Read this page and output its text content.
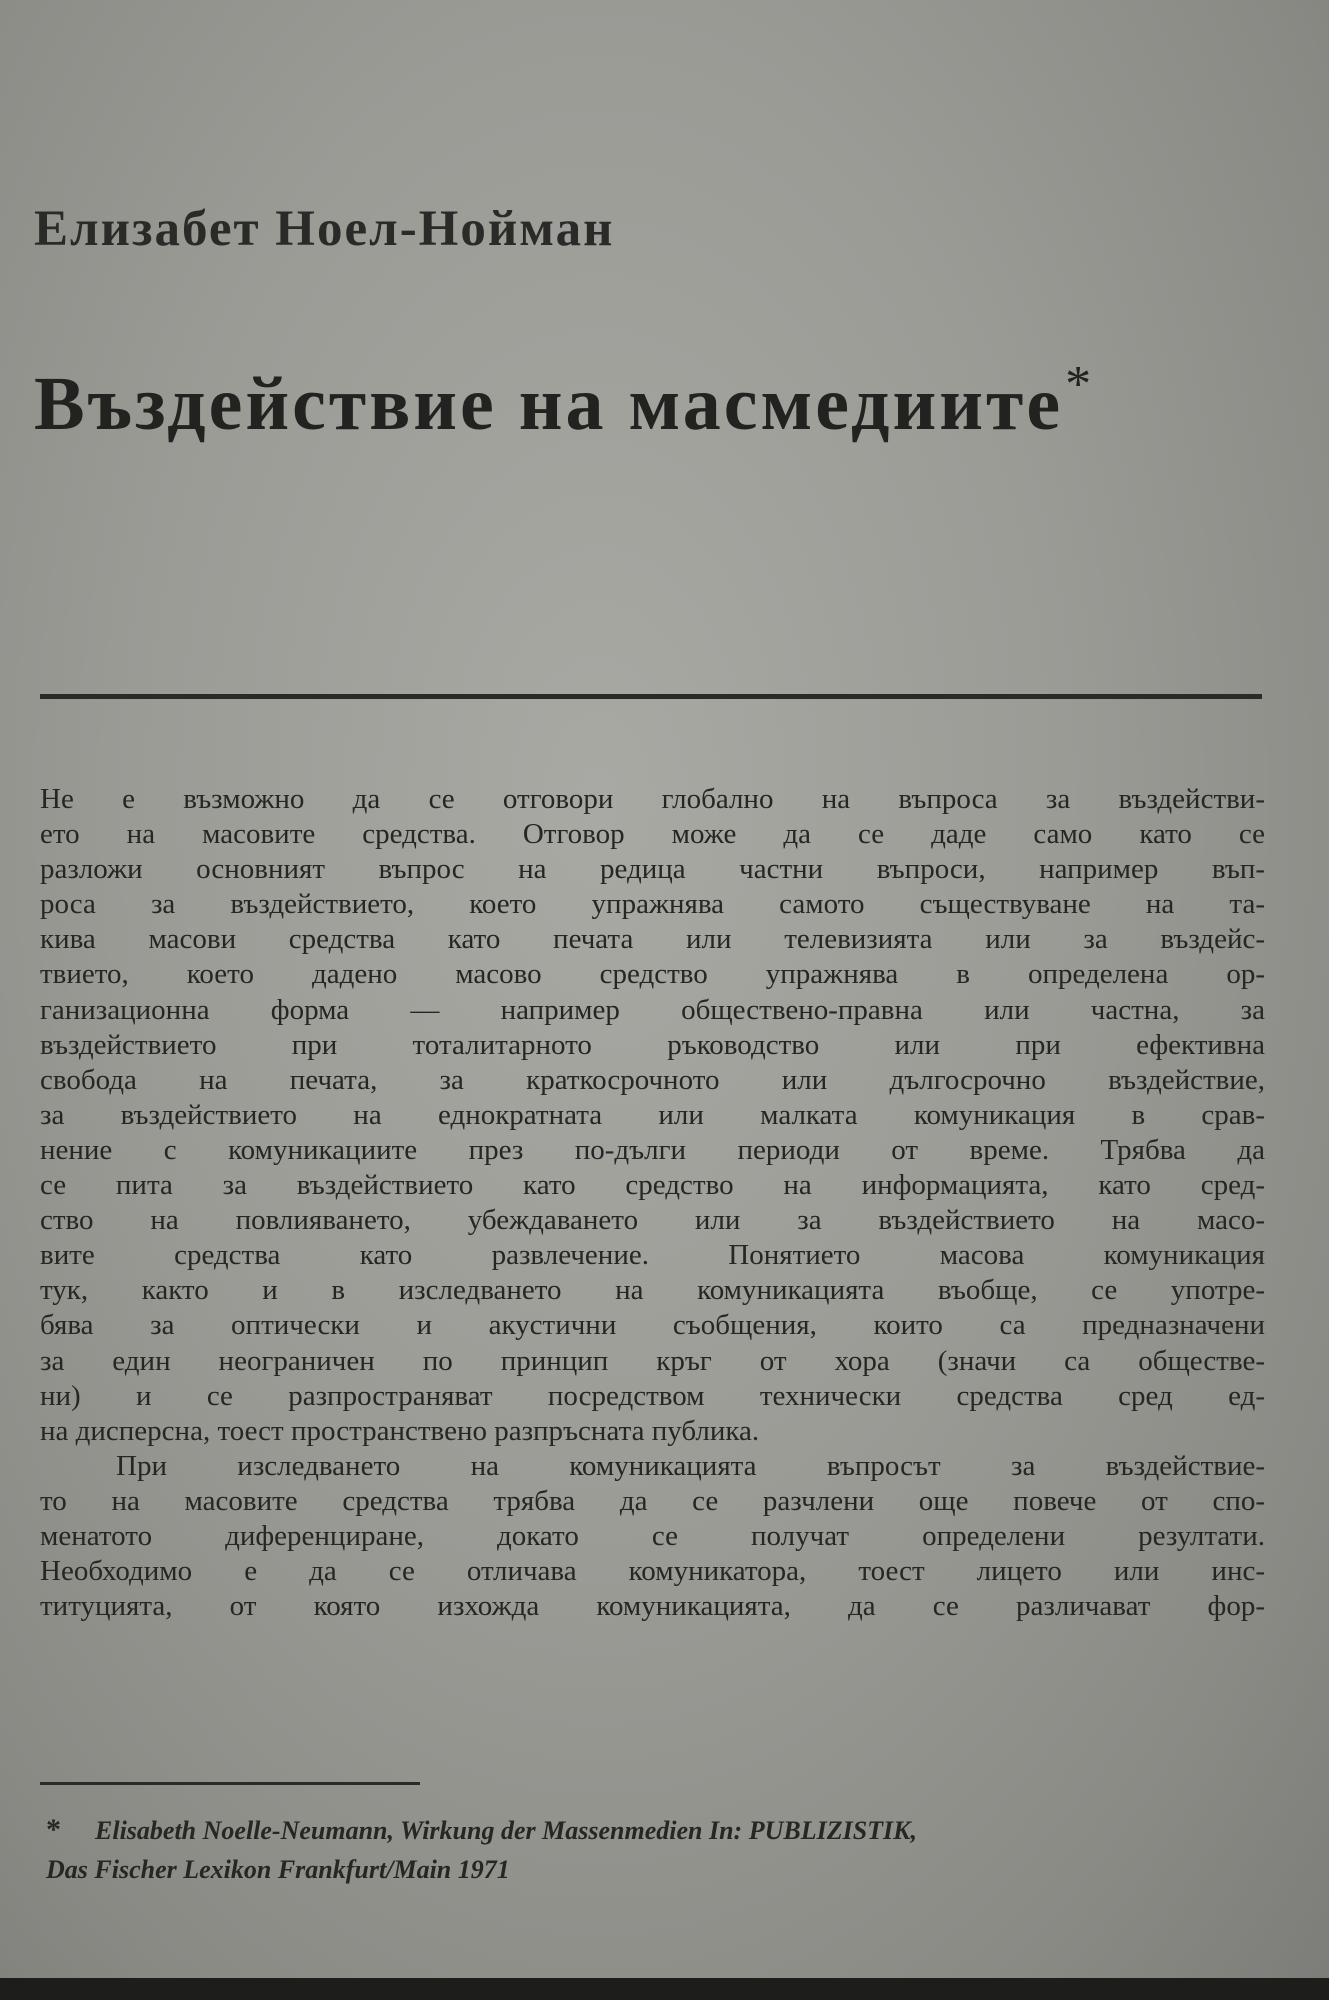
Елизабет Ноел-Нойман
Въздействие на масмедиите*
Не е възможно да се отговори глобално на въпроса за въздействи-
ето на масовите средства. Отговор може да се даде само като се
разложи основният въпрос на редица частни въпроси, например въп-
роса за въздействието, което упражнява самото съществуване на та-
кива масови средства като печата или телевизията или за въздейс-
твието, което дадено масово средство упражнява в определена ор-
ганизационна форма — например обществено-правна или частна, за
въздействието при тоталитарното ръководство или при ефективна
свобода на печата, за краткосрочното или дългосрочно въздействие,
за въздействието на еднократната или малката комуникация в срав-
нение с комуникациите през по-дълги периоди от време. Трябва да
се пита за въздействието като средство на информацията, като сред-
ство на повлияването, убеждаването или за въздействието на масо-
вите средства като развлечение. Понятието масова комуникация
тук, както и в изследването на комуникацията въобще, се употре-
бява за оптически и акустични съобщения, които са предназначени
за един неограничен по принцип кръг от хора (значи са обществе-
ни) и се разпространяват посредством технически средства сред ед-
на дисперсна, тоест пространствено разпръсната публика.
При изследването на комуникацията въпросът за въздействие-
то на масовите средства трябва да се разчлени още повече от спо-
менатото диференциране, докато се получат определени резултати.
Необходимо е да се отличава комуникатора, тоест лицето или инс-
титуцията, от която изхожда комуникацията, да се различават фор-
* Elisabeth Noelle-Neumann, Wirkung der Massenmedien In: PUBLIZISTIK,
Das Fischer Lexikon Frankfurt/Main 1971
